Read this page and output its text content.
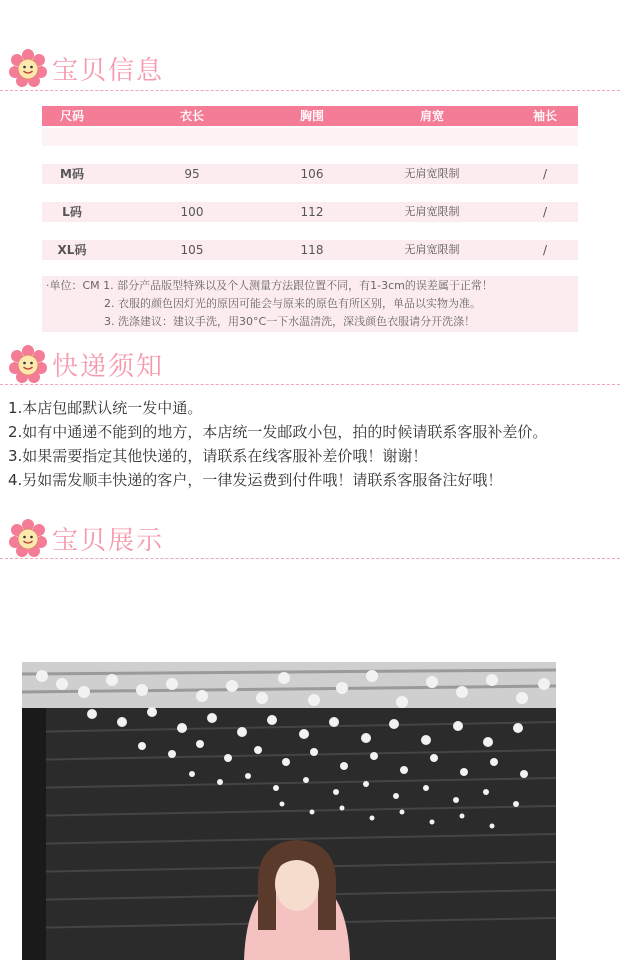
宝贝信息
尺码	衣长	胸围	肩宽	袖长
M码	95	106	无肩宽限制	/
L码	100	112	无肩宽限制	/
XL码	105	118	无肩宽限制	/
·单位：CM 1. 部分产品版型特殊以及个人测量方法跟位置不同，有1-3cm的误差属于正常！
2. 衣服的颜色因灯光的原因可能会与原来的原色有所区别，单品以实物为准。
3. 洗涤建议：建议手洗，用30°C一下水温清洗，深浅颜色衣服请分开洗涤！
快递须知
1.本店包邮默认统一发中通。
2.如有中通递不能到的地方，本店统一发邮政小包，拍的时候请联系客服补差价。
3.如果需要指定其他快递的，请联系在线客服补差价哦！谢谢！
4.另如需发顺丰快递的客户，一律发运费到付件哦！请联系客服备注好哦！
宝贝展示
